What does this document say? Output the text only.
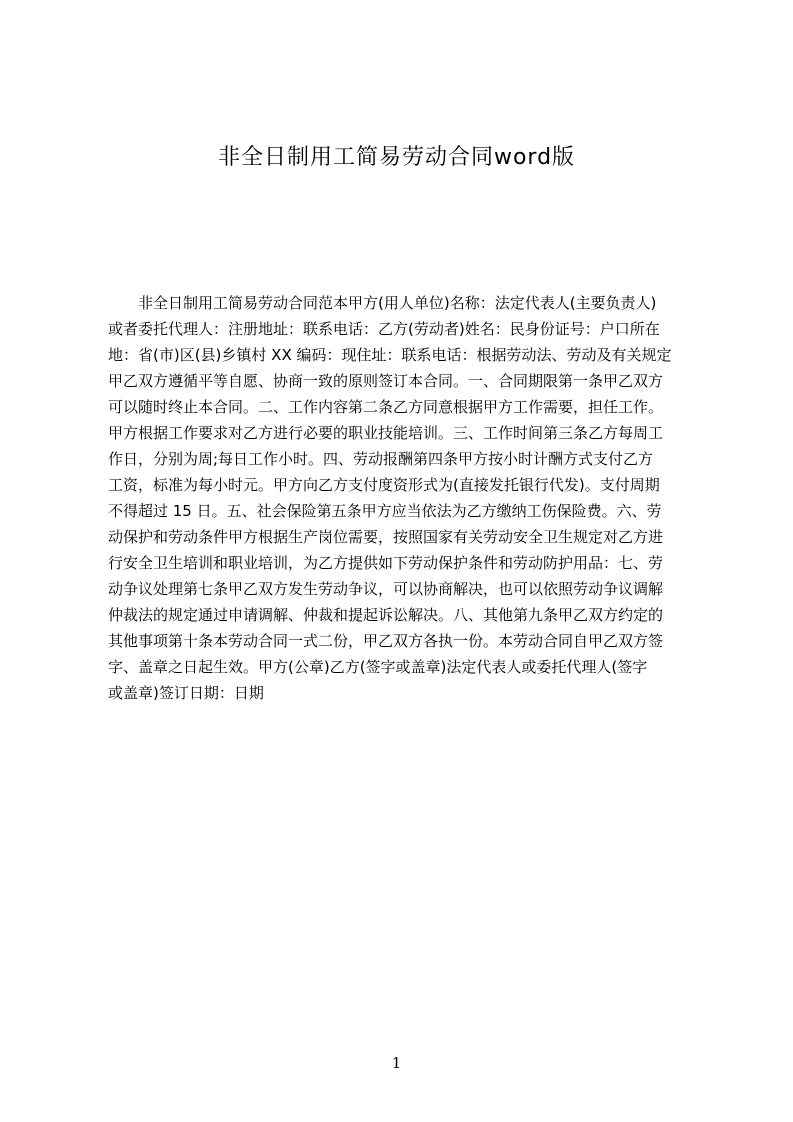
非全日制用工简易劳动合同word版
非全日制用工简易劳动合同范本甲方(用人单位)名称：法定代表人(主要负责人)
或者委托代理人：注册地址：联系电话：乙方(劳动者)姓名：民身份证号：户口所在
地：省(市)区(县)乡镇村 XX 编码：现住址：联系电话：根据劳动法、劳动及有关规定
甲乙双方遵循平等自愿、协商一致的原则签订本合同。一、合同期限第一条甲乙双方
可以随时终止本合同。二、工作内容第二条乙方同意根据甲方工作需要，担任工作。
甲方根据工作要求对乙方进行必要的职业技能培训。三、工作时间第三条乙方每周工
作日，分别为周;每日工作小时。四、劳动报酬第四条甲方按小时计酬方式支付乙方
工资，标准为每小时元。甲方向乙方支付度资形式为(直接发托银行代发)。支付周期
不得超过 15 日。五、社会保险第五条甲方应当依法为乙方缴纳工伤保险费。六、劳
动保护和劳动条件甲方根据生产岗位需要，按照国家有关劳动安全卫生规定对乙方进
行安全卫生培训和职业培训，为乙方提供如下劳动保护条件和劳动防护用品：七、劳
动争议处理第七条甲乙双方发生劳动争议，可以协商解决，也可以依照劳动争议调解
仲裁法的规定通过申请调解、仲裁和提起诉讼解决。八、其他第九条甲乙双方约定的
其他事项第十条本劳动合同一式二份，甲乙双方各执一份。本劳动合同自甲乙双方签
字、盖章之日起生效。甲方(公章)乙方(签字或盖章)法定代表人或委托代理人(签字
或盖章)签订日期：日期
1
